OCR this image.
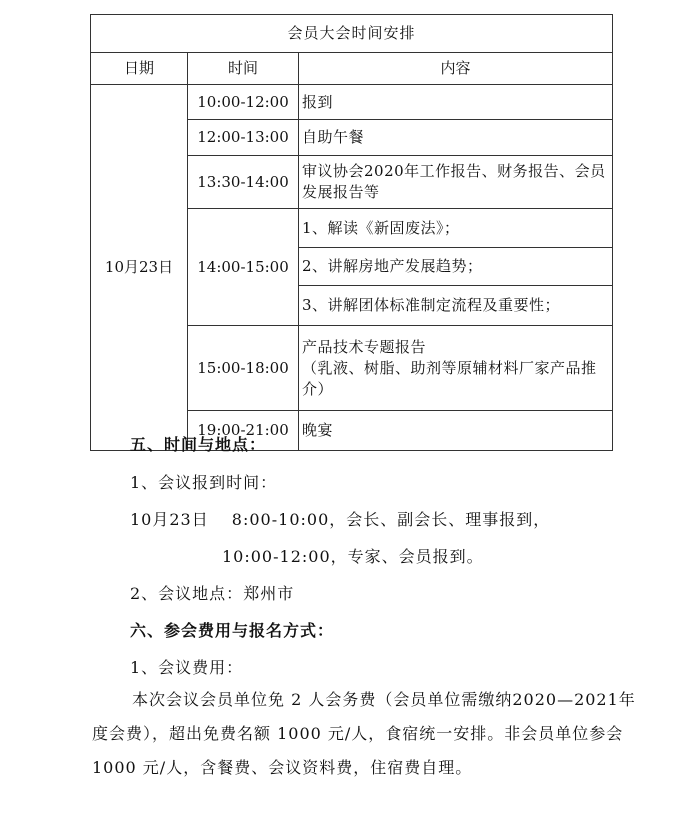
会员大会时间安排		
日期	时间	内容
10月23日	10:00-12:00	报到
	12:00-13:00	自助午餐
	13:30-14:00	审议协会2020年工作报告、财务报告、会员发展报告等
	14:00-15:00	1、解读《新固废法》；
		2、讲解房地产发展趋势；
		3、讲解团体标准制定流程及重要性；
	15:00-18:00	产品技术专题报告
（乳液、树脂、助剂等原辅材料厂家产品推介）

	19:00-21:00	晚宴
五、时间与地点：
1、会议报到时间：
10月23日　 8:00-10:00，会长、副会长、理事报到，
10:00-12:00，专家、会员报到。
2、会议地点：郑州市
六、参会费用与报名方式：
1、会议费用：
本次会议会员单位免 2 人会务费（会员单位需缴纳2020—2021年度会费），超出免费名额 1000 元/人，食宿统一安排。非会员单位参会 1000 元/人，含餐费、会议资料费，住宿费自理。
